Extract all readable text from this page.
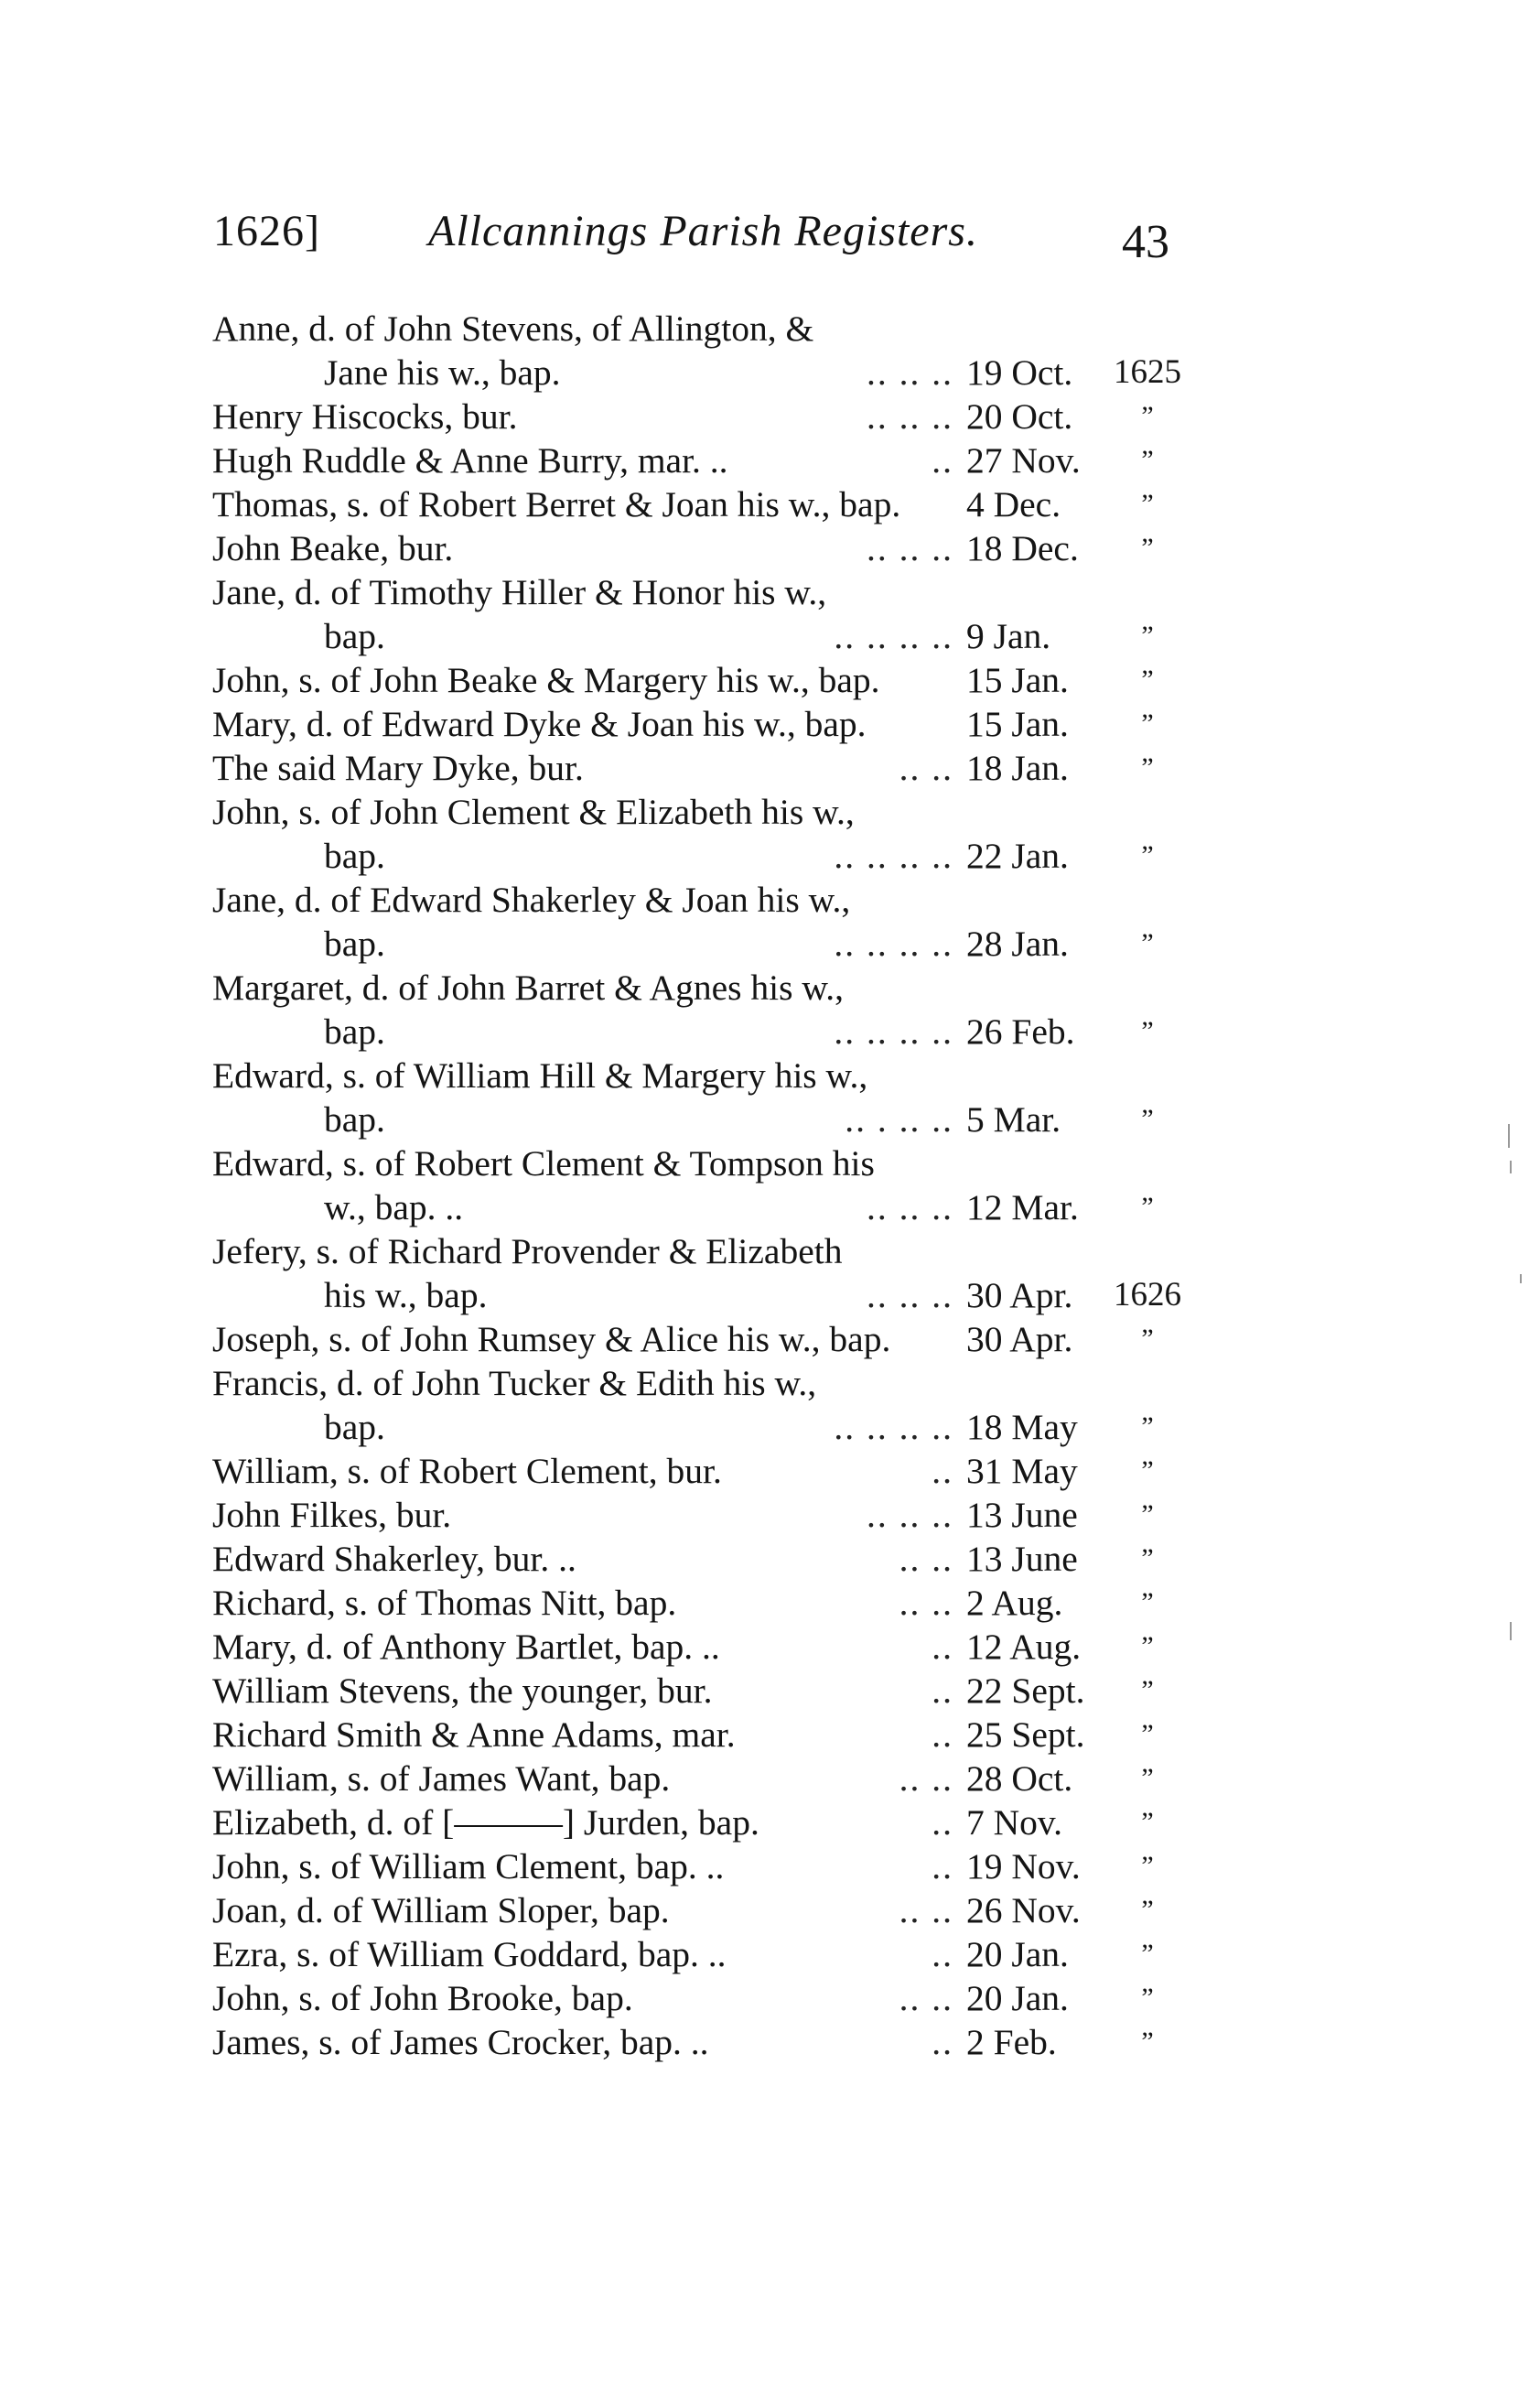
1626] Allcannings Parish Registers.	43
Anne, d. of John Stevens, of Allington, &
Jane his w., bap.	.. .. .. 19 Oct.	1625
Henry Hiscocks, bur.	.. .. .. 20 Oct.	”
Hugh Ruddle & Anne Burry, mar. ..	.. 27 Nov.	”
Thomas, s. of Robert Berret & Joan his w., bap. 4 Dec.	”
John Beake, bur.	.. .. .. 18 Dec.	”
Jane, d. of Timothy Hiller & Honor his w.,
bap.	.. .. .. .. 9 Jan.	”
John, s. of John Beake & Margery his w., bap. 15 Jan.	”
Mary, d. of Edward Dyke & Joan his w., bap.	15 Jan.	”
The said Mary Dyke, bur.	.. .. 18 Jan.	”
John, s. of John Clement & Elizabeth his w.,
bap.	.. .. .. .. 22 Jan.	”
Jane, d. of Edward Shakerley & Joan his w.,
bap.	.. .. .. .. 28 Jan.	”
Margaret, d. of John Barret & Agnes his w.,
bap.	.. .. .. .. 26 Feb.	”
Edward, s. of William Hill & Margery his w.,
bap.	.. . .. .. 5 Mar.	”
Edward, s. of Robert Clement & Tompson his
w., bap. ..	.. .. .. 12 Mar.	”
Jefery, s. of Richard Provender & Elizabeth
his w., bap.	.. .. .. 30 Apr.	1626
Joseph, s. of John Rumsey & Alice his w., bap. 30 Apr.	”
Francis, d. of John Tucker & Edith his w.,
bap.	.. .. .. .. 18 May	”
William, s. of Robert Clement, bur.	.. 31 May	”
John Filkes, bur.	.. .. .. 13 June	”
Edward Shakerley, bur. ..	.. .. 13 June	”
Richard, s. of Thomas Nitt, bap.	.. .. 2 Aug.	”
Mary, d. of Anthony Bartlet, bap. ..	.. 12 Aug.	”
William Stevens, the younger, bur.	.. 22 Sept.	”
Richard Smith & Anne Adams, mar.	.. 25 Sept.	”
William, s. of James Want, bap.	.. .. 28 Oct.	”
Elizabeth, d. of [———] Jurden, bap.	.. 7 Nov.	”
John, s. of William Clement, bap. ..	.. 19 Nov.	”
Joan, d. of William Sloper, bap.	.. .. 26 Nov.	”
Ezra, s. of William Goddard, bap. ..	.. 20 Jan.	”
John, s. of John Brooke, bap.	.. .. 20 Jan.	”
James, s. of James Crocker, bap. ..	.. 2 Feb.	”
